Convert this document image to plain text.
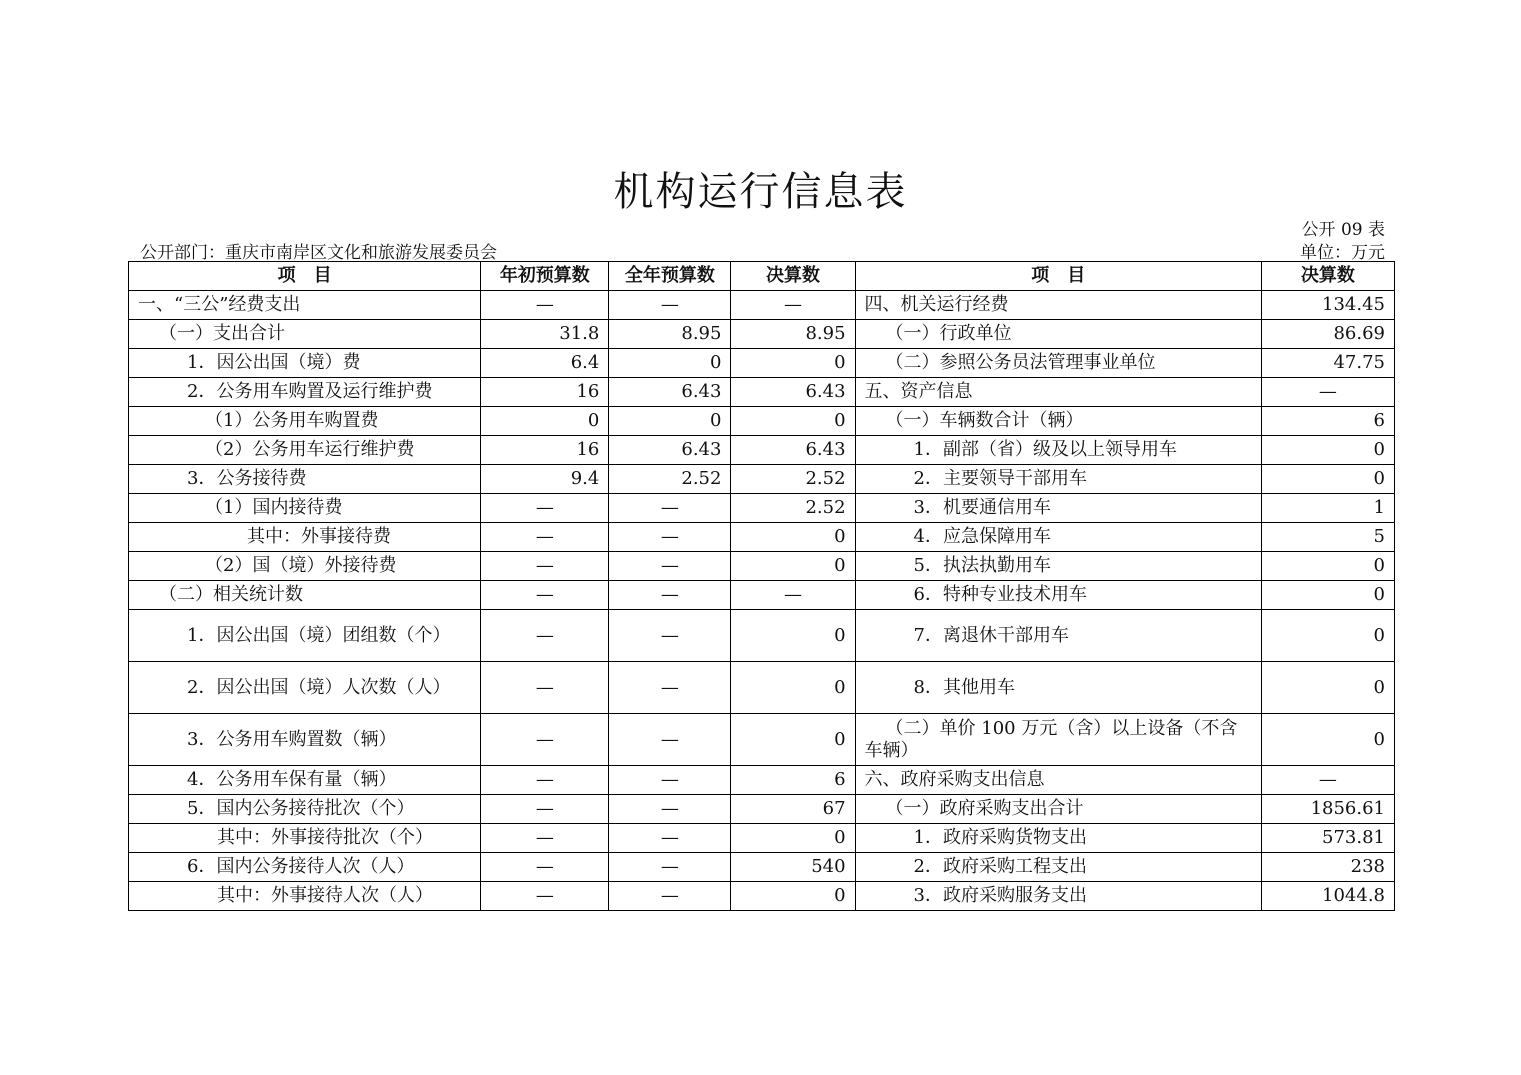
机构运行信息表
公开 09 表
公开部门：重庆市南岸区文化和旅游发展委员会	单位：万元
项　目	年初预算数	全年预算数	决算数	项　目	决算数
一、“三公”经费支出	—	—	—	四、机关运行经费	134.45
（一）支出合计	31.8	8.95	8.95	（一）行政单位	86.69
1．因公出国（境）费	6.4	0	0	（二）参照公务员法管理事业单位	47.75
2．公务用车购置及运行维护费	16	6.43	6.43	五、资产信息	—
（1）公务用车购置费	0	0	0	（一）车辆数合计（辆）	6
（2）公务用车运行维护费	16	6.43	6.43	1．副部（省）级及以上领导用车	0
3．公务接待费	9.4	2.52	2.52	2．主要领导干部用车	0
（1）国内接待费	—	—	2.52	3．机要通信用车	1
其中：外事接待费	—	—	0	4．应急保障用车	5
（2）国（境）外接待费	—	—	0	5．执法执勤用车	0
（二）相关统计数	—	—	—	6．特种专业技术用车	0
1．因公出国（境）团组数（个）	—	—	0	7．离退休干部用车	0
2．因公出国（境）人次数（人）	—	—	0	8．其他用车	0
3．公务用车购置数（辆）	—	—	0	（二）单价 100 万元（含）以上设备（不含车辆）	0
4．公务用车保有量（辆）	—	—	6	六、政府采购支出信息	—
5．国内公务接待批次（个）	—	—	67	（一）政府采购支出合计	1856.61
其中：外事接待批次（个）	—	—	0	1．政府采购货物支出	573.81
6．国内公务接待人次（人）	—	—	540	2．政府采购工程支出	238
其中：外事接待人次（人）	—	—	0	3．政府采购服务支出	1044.8
